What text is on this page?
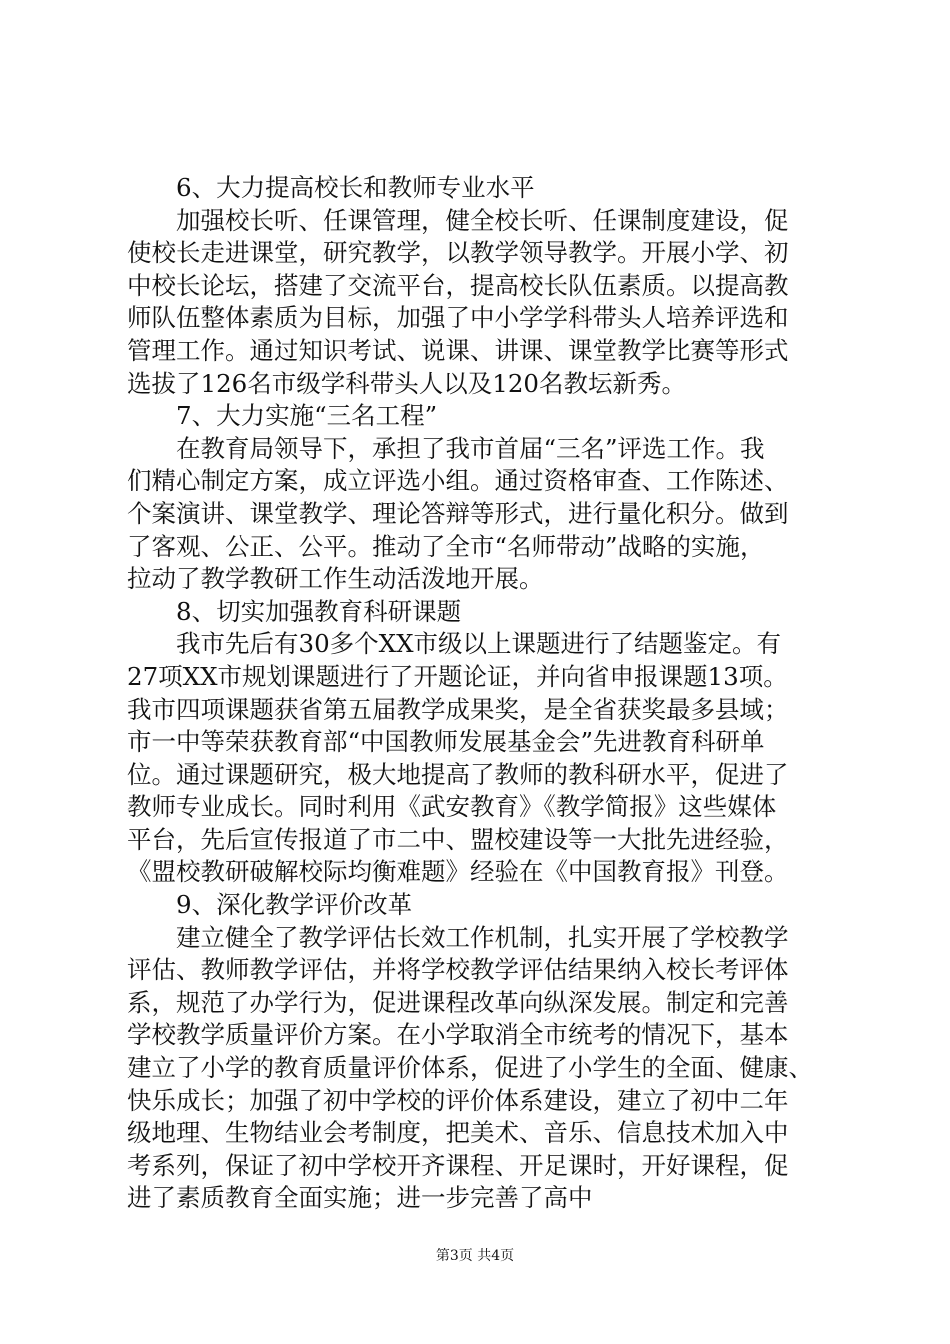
6、大力提高校长和教师专业水平
加强校长听、任课管理，健全校长听、任课制度建设，促
使校长走进课堂，研究教学，以教学领导教学。开展小学、初
中校长论坛，搭建了交流平台，提高校长队伍素质。以提高教
师队伍整体素质为目标，加强了中小学学科带头人培养评选和
管理工作。通过知识考试、说课、讲课、课堂教学比赛等形式
选拔了126名市级学科带头人以及120名教坛新秀。
7、大力实施“三名工程”
在教育局领导下，承担了我市首届“三名”评选工作。我
们精心制定方案，成立评选小组。通过资格审查、工作陈述、
个案演讲、课堂教学、理论答辩等形式，进行量化积分。做到
了客观、公正、公平。推动了全市“名师带动”战略的实施，
拉动了教学教研工作生动活泼地开展。
8、切实加强教育科研课题
我市先后有30多个XX市级以上课题进行了结题鉴定。有
27项XX市规划课题进行了开题论证，并向省申报课题13项。
我市四项课题获省第五届教学成果奖，是全省获奖最多县域；
市一中等荣获教育部“中国教师发展基金会”先进教育科研单
位。通过课题研究，极大地提高了教师的教科研水平，促进了
教师专业成长。同时利用《武安教育》《教学简报》这些媒体
平台，先后宣传报道了市二中、盟校建设等一大批先进经验，
《盟校教研破解校际均衡难题》经验在《中国教育报》刊登。
9、深化教学评价改革
建立健全了教学评估长效工作机制，扎实开展了学校教学
评估、教师教学评估，并将学校教学评估结果纳入校长考评体
系，规范了办学行为，促进课程改革向纵深发展。制定和完善
学校教学质量评价方案。在小学取消全市统考的情况下，基本
建立了小学的教育质量评价体系，促进了小学生的全面、健康、
快乐成长；加强了初中学校的评价体系建设，建立了初中二年
级地理、生物结业会考制度，把美术、音乐、信息技术加入中
考系列，保证了初中学校开齐课程、开足课时，开好课程，促
进了素质教育全面实施；进一步完善了高中
第3页 共4页
